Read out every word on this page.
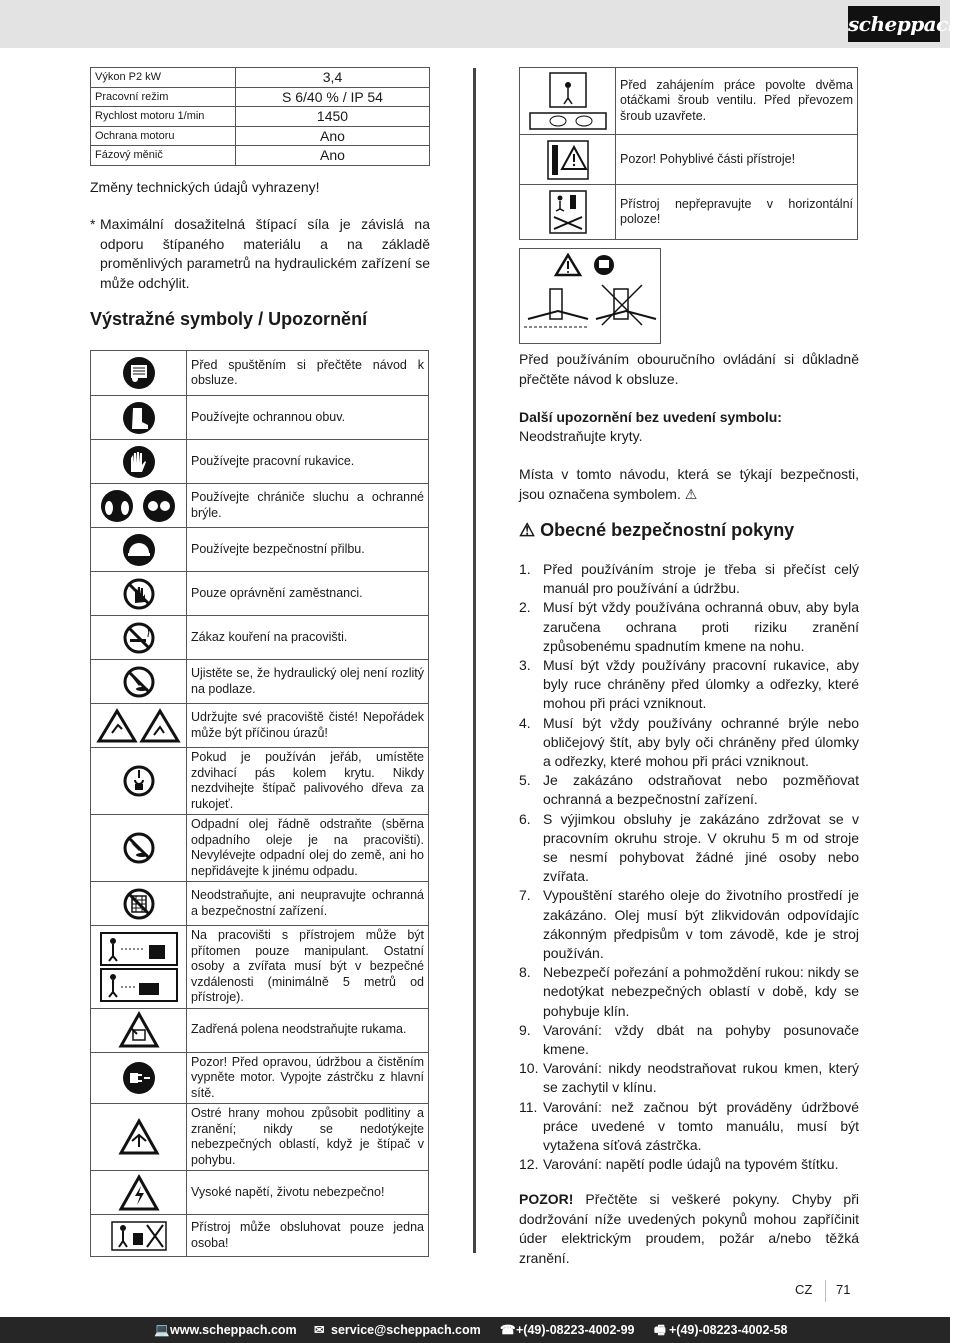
scheppach
Výkon P2 kW	3,4
Pracovní režim	S 6/40 % / IP 54
Rychlost motoru 1/min	1450
Ochrana motoru	Ano
Fázový měnič	Ano
Změny technických údajů vyhrazeny!
* Maximální dosažitelná štípací síla je závislá na odporu štípaného materiálu a na základě proměnlivých parametrů na hydraulickém zařízení se může odchýlit.
Výstražné symboly / Upozornění
	Před spuštěním si přečtěte návod k obsluze.

	Používejte ochrannou obuv.

	Používejte pracovní rukavice.

	Používejte chrániče sluchu a ochranné brýle.

	Používejte bezpečnostní přilbu.

	Pouze oprávnění zaměstnanci.

	Zákaz kouření na pracovišti.

	Ujistěte se, že hydraulický olej není rozlitý na podlaze.

	Udržujte své pracoviště čisté! Nepořádek může být příčinou úrazů!

	Pokud je používán jeřáb, umístěte zdvihací pás kolem krytu. Nikdy nezdvihejte štípač palivového dřeva za rukojeť.

	Odpadní olej řádně odstraňte (sběrna odpadního oleje je na pracovišti). Nevylévejte odpadní olej do země, ani ho nepřidávejte k jinému odpadu.

	Neodstraňujte, ani neupravujte ochranná a bezpečnostní zařízení.

	Na pracovišti s přístrojem může být přítomen pouze manipulant. Ostatní osoby a zvířata musí být v bezpečné vzdálenosti (minimálně 5 metrů od přístroje).

	Zadřená polena neodstraňujte rukama.

	Pozor! Před opravou, údržbou a čistěním vypněte motor. Vypojte zástrčku z hlavní sítě.

	Ostré hrany mohou způsobit podlitiny a zranění; nikdy se nedotýkejte nebezpečných oblastí, když je štípač v pohybu.

	Vysoké napětí, životu nebezpečno!

	Přístroj může obsluhovat pouze jedna osoba!
	Před zahájením práce povolte dvěma otáčkami šroub ventilu. Před převozem šroub uzavřete.

	Pozor! Pohyblivé části přístroje!

	Přístroj nepřepravujte v horizontální poloze!
Před používáním obouručního ovládání si důkladně přečtěte návod k obsluze.
Další upozornění bez uvedení symbolu:
Neodstraňujte kryty.
Místa v tomto návodu, která se týkají bezpečnosti, jsou označena symbolem. ⚠
⚠ Obecné bezpečnostní pokyny
1. Před používáním stroje je třeba si přečíst celý manuál pro používání a údržbu.
2. Musí být vždy používána ochranná obuv, aby byla zaručena ochrana proti riziku zranění způsobenému spadnutím kmene na nohu.
3. Musí být vždy používány pracovní rukavice, aby byly ruce chráněny před úlomky a odřezky, které mohou při práci vzniknout.
4. Musí být vždy používány ochranné brýle nebo obličejový štít, aby byly oči chráněny před úlomky a odřezky, které mohou při práci vzniknout.
5. Je zakázáno odstraňovat nebo pozměňovat ochranná a bezpečnostní zařízení.
6. S výjimkou obsluhy je zakázáno zdržovat se v pracovním okruhu stroje. V okruhu 5 m od stroje se nesmí pohybovat žádné jiné osoby nebo zvířata.
7. Vypouštění starého oleje do životního prostředí je zakázáno. Olej musí být zlikvidován odpovídajíc zákonným předpisům v tom závodě, kde je stroj používán.
8. Nebezpečí pořezání a pohmoždění rukou: nikdy se nedotýkat nebezpečných oblastí v době, kdy se pohybuje klín.
9. Varování: vždy dbát na pohyby posunovače kmene.
10. Varování: nikdy neodstraňovat rukou kmen, který se zachytil v klínu.
11. Varování: než začnou být prováděny údržbové práce uvedené v tomto manuálu, musí být vytažena síťová zástrčka.
12. Varování: napětí podle údajů na typovém štítku.
POZOR! Přečtěte si veškeré pokyny. Chyby při dodržování níže uvedených pokynů mohou zapříčinit úder elektrickým proudem, požár a/nebo těžká zranění.
CZ 71
💻 www.scheppach.com ✉ service@scheppach.com ☎ +(49)-08223-4002-99 🖷 +(49)-08223-4002-58
